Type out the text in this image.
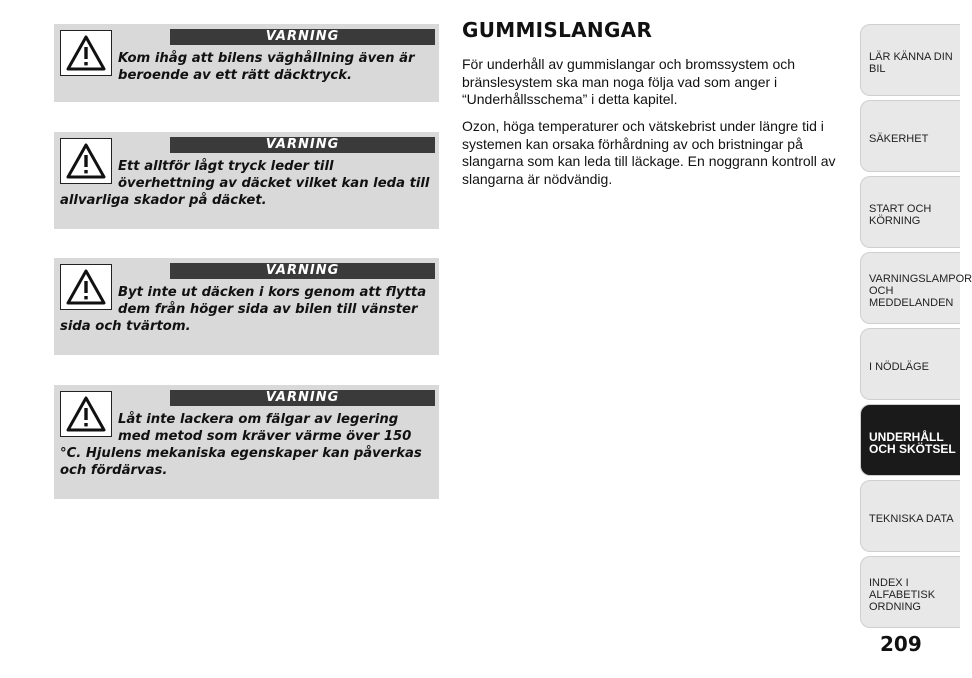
VARNING
Kom ihåg att bilens väghållning även är beroende av ett rätt däcktryck.
VARNING
Ett alltför lågt tryck leder till överhettning av däcket vilket kan leda till allvarliga skador på däcket.
VARNING
Byt inte ut däcken i kors genom att flytta dem från höger sida av bilen till vänster sida och tvärtom.
VARNING
Låt inte lackera om fälgar av legering med metod som kräver värme över 150 °C. Hjulens mekaniska egenskaper kan påverkas och fördärvas.
GUMMISLANGAR

För underhåll av gummislangar och bromssystem och bränslesystem ska man noga följa vad som anger i “Underhållsschema” i detta kapitel.

Ozon, höga temperaturer och vätskebrist under längre tid i systemen kan orsaka förhårdning av och bristningar på slangarna som kan leda till läckage. En noggrann kontroll av slangarna är nödvändig.

LÄR KÄNNA DIN BIL
SÄKERHET
START OCH KÖRNING
VARNINGSLAMPOR OCH MEDDELANDEN
I NÖDLÄGE
UNDERHÅLL OCH SKÖTSEL
TEKNISKA DATA
INDEX I ALFABETISK ORDNING
209
